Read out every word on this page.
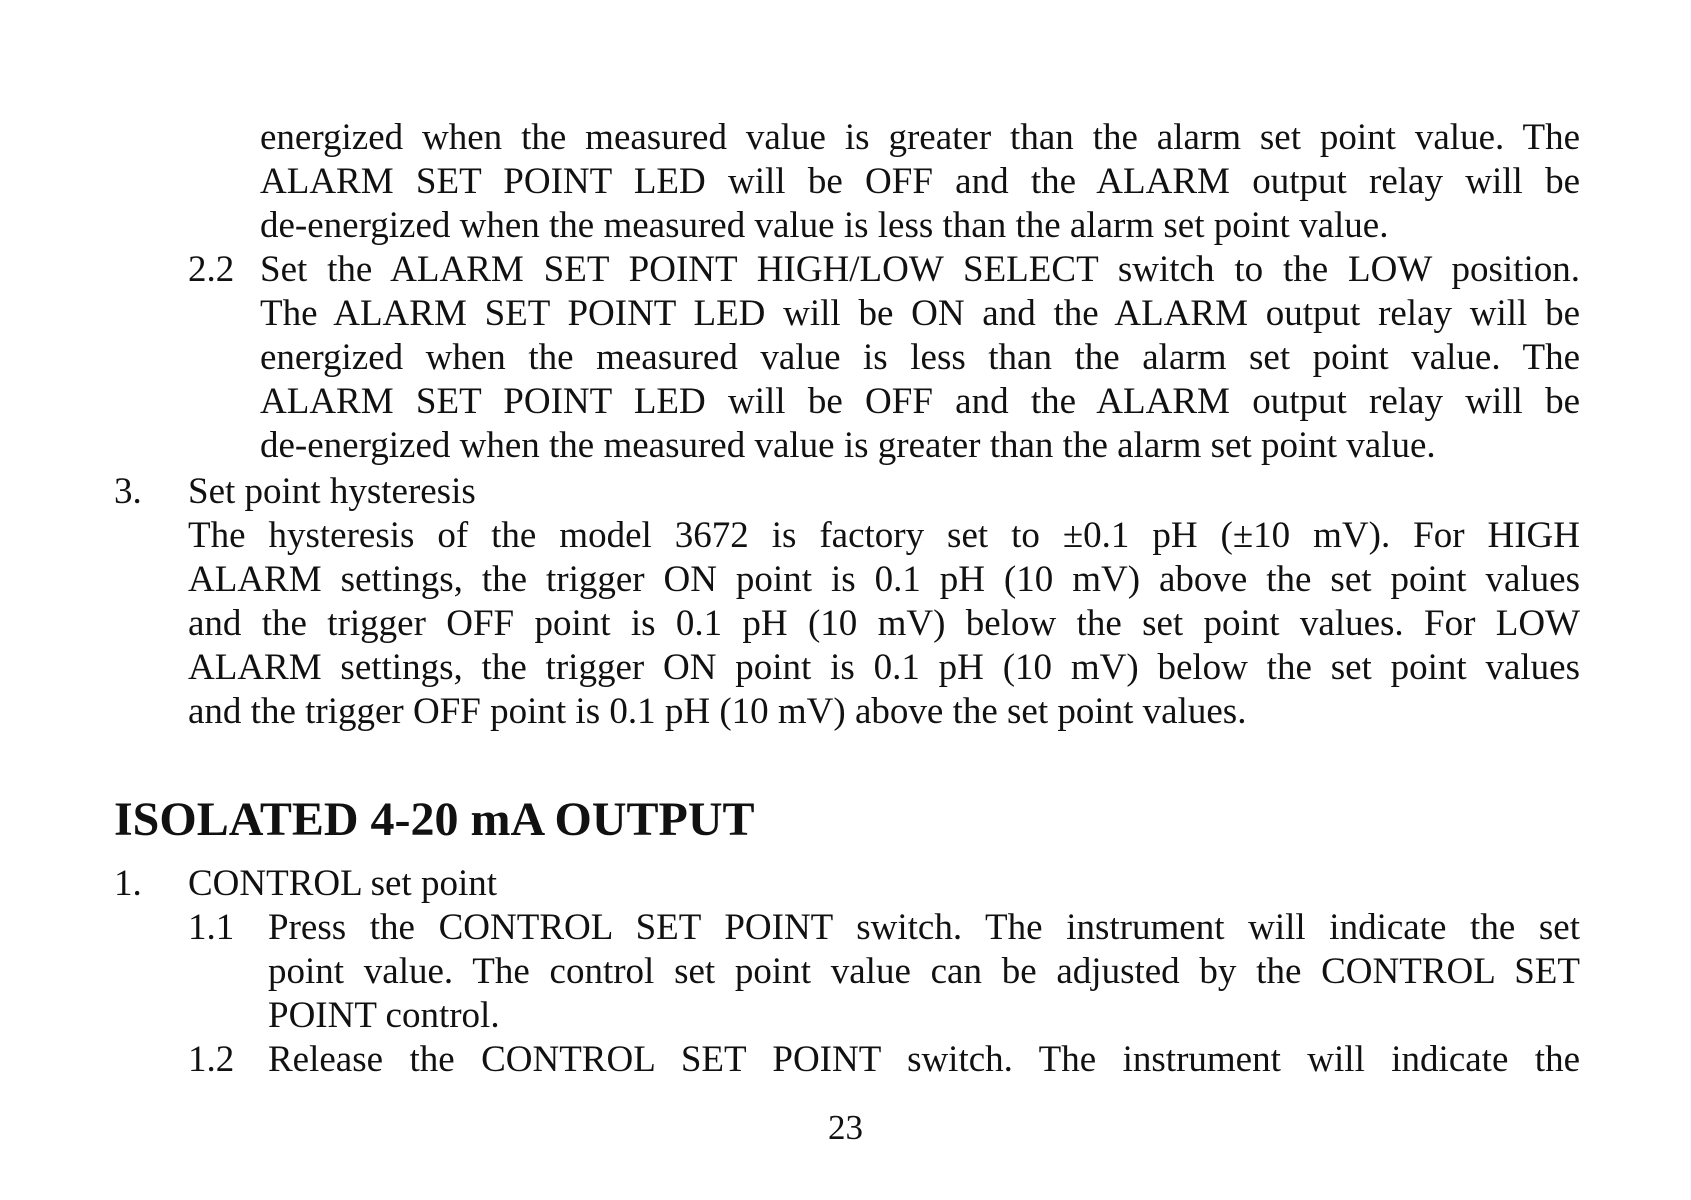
energized when the measured value is greater than the alarm set point value. The
ALARM SET POINT LED will be OFF and the ALARM output relay will be
de-energized when the measured value is less than the alarm set point value.
2.2 Set the ALARM SET POINT HIGH/LOW SELECT switch to the LOW position.
The ALARM SET POINT LED will be ON and the ALARM output relay will be
energized when the measured value is less than the alarm set point value. The
ALARM SET POINT LED will be OFF and the ALARM output relay will be
de-energized when the measured value is greater than the alarm set point value.
3. Set point hysteresis
The hysteresis of the model 3672 is factory set to ±0.1 pH (±10 mV). For HIGH
ALARM settings, the trigger ON point is 0.1 pH (10 mV) above the set point values
and the trigger OFF point is 0.1 pH (10 mV) below the set point values. For LOW
ALARM settings, the trigger ON point is 0.1 pH (10 mV) below the set point values
and the trigger OFF point is 0.1 pH (10 mV) above the set point values.
ISOLATED 4-20 mA OUTPUT
1. CONTROL set point
1.1 Press the CONTROL SET POINT switch. The instrument will indicate the set
point value. The control set point value can be adjusted by the CONTROL SET
POINT control.
1.2 Release the CONTROL SET POINT switch. The instrument will indicate the
23
